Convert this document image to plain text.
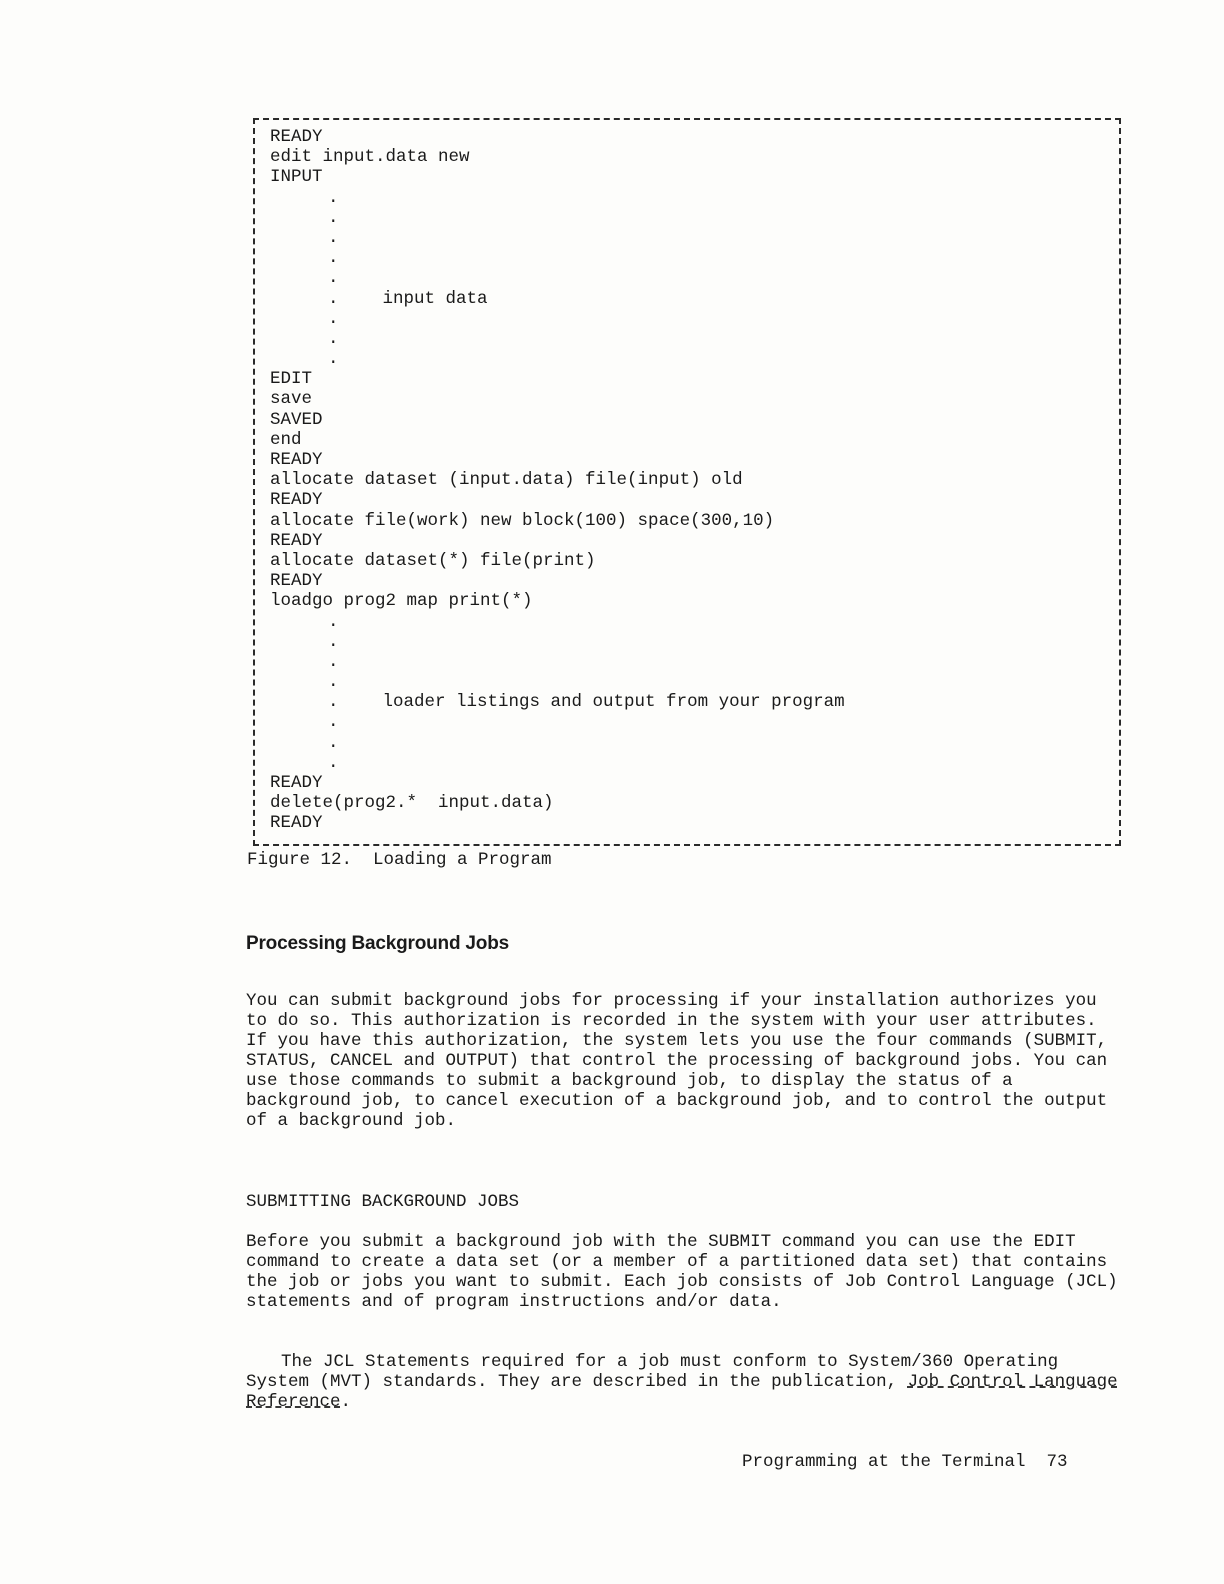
READY
edit input.data new
INPUT
.
.
.
.
.
.	input data
.
.
.
EDIT
save
SAVED
end
READY
allocate dataset (input.data) file(input) old
READY
allocate file(work) new block(100) space(300,10)
READY
allocate dataset(*) file(print)
READY
loadgo prog2 map print(*)
.
.
.
.
.	loader listings and output from your program
.
.
.
READY
delete(prog2.*  input.data)
READY
Figure 12.  Loading a Program
Processing Background Jobs

You can submit background jobs for processing if your installation authorizes you to do so. This authorization is recorded in the system with your user attributes. If you have this authorization, the system lets you use the four commands (SUBMIT, STATUS, CANCEL and OUTPUT) that control the processing of background jobs. You can use those commands to submit a background job, to display the status of a background job, to cancel execution of a background job, and to control the output of a background job.

SUBMITTING BACKGROUND JOBS

Before you submit a background job with the SUBMIT command you can use the EDIT command to create a data set (or a member of a partitioned data set) that contains the job or jobs you want to submit. Each job consists of Job Control Language (JCL) statements and of program instructions and/or data.

The JCL Statements required for a job must conform to System/360 Operating System (MVT) standards. They are described in the publication, Job Control Language Reference.

Programming at the Terminal  73
